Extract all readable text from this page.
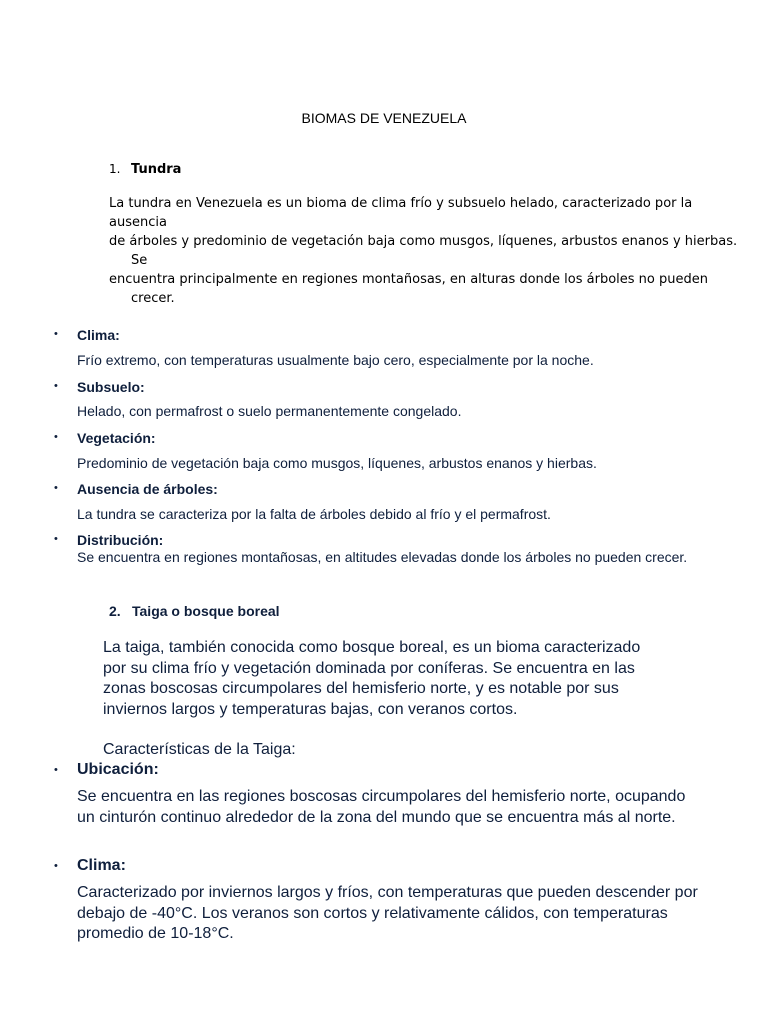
BIOMAS DE VENEZUELA
1. Tundra
La tundra en Venezuela es un bioma de clima frío y subsuelo helado, caracterizado por la
ausencia
de árboles y predominio de vegetación baja como musgos, líquenes, arbustos enanos y hierbas.
Se
encuentra principalmente en regiones montañosas, en alturas donde los árboles no pueden
crecer.
• Clima:
Frío extremo, con temperaturas usualmente bajo cero, especialmente por la noche.
• Subsuelo:
Helado, con permafrost o suelo permanentemente congelado.
• Vegetación:
Predominio de vegetación baja como musgos, líquenes, arbustos enanos y hierbas.
• Ausencia de árboles:
La tundra se caracteriza por la falta de árboles debido al frío y el permafrost.
• Distribución:
Se encuentra en regiones montañosas, en altitudes elevadas donde los árboles no pueden crecer.
2. Taiga o bosque boreal
La taiga, también conocida como bosque boreal, es un bioma caracterizado
por su clima frío y vegetación dominada por coníferas. Se encuentra en las
zonas boscosas circumpolares del hemisferio norte, y es notable por sus
inviernos largos y temperaturas bajas, con veranos cortos.
Características de la Taiga:
• Ubicación:
Se encuentra en las regiones boscosas circumpolares del hemisferio norte, ocupando un cinturón continuo alrededor de la zona del mundo que se encuentra más al norte.
• Clima:
Caracterizado por inviernos largos y fríos, con temperaturas que pueden descender por debajo de -40°C. Los veranos son cortos y relativamente cálidos, con temperaturas promedio de 10-18°C.
